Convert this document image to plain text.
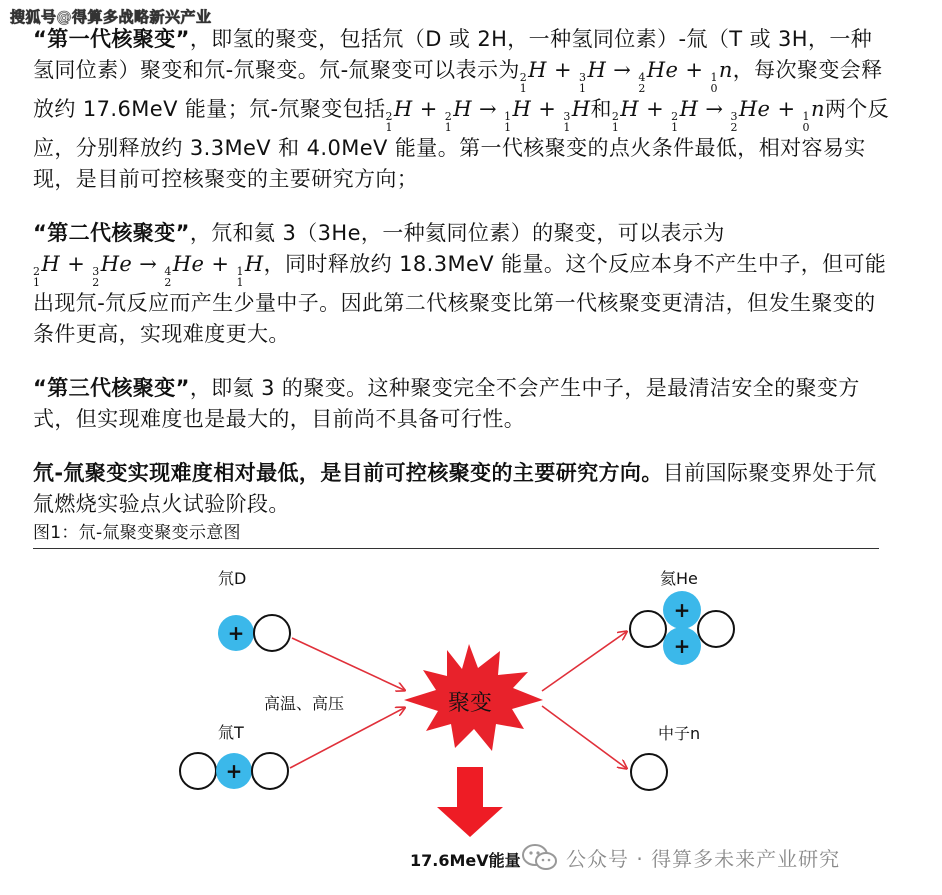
搜狐号@得算多战略新兴产业

“第一代核聚变”，即氢的聚变，包括氘（D 或 2H，一种氢同位素）-氚（T 或 3H，一种氢同位素）聚变和氘-氘聚变。氘-氚聚变可以表示为 2
1
H + 3
1
H → 4
2
He + 1
0
n，每次聚变会释放约 17.6MeV 能量；氘-氘聚变包括 2
1
H + 2
1
H → 1
1
H + 3
1
H和 2
1
H + 2
1
H → 3
2
He + 1
0
n两个反应，分别释放约 3.3MeV 和 4.0MeV 能量。第一代核聚变的点火条件最低，相对容易实现，是目前可控核聚变的主要研究方向；

“第二代核聚变”，氘和氦 3（3He，一种氦同位素）的聚变，可以表示为
2
1
H + 3
2
He → 4
2
He + 1
1
H，同时释放约 18.3MeV 能量。这个反应本身不产生中子，但可能出现氘-氘反应而产生少量中子。因此第二代核聚变比第一代核聚变更清洁，但发生聚变的条件更高，实现难度更大。

“第三代核聚变”，即氦 3 的聚变。这种聚变完全不会产生中子，是最清洁安全的聚变方式，但实现难度也是最大的，目前尚不具备可行性。

氘-氚聚变实现难度相对最低，是目前可控核聚变的主要研究方向。目前国际聚变界处于氘氚燃烧实验点火试验阶段。

图1：氘-氚聚变聚变示意图
氘D
+
高温、高压
氚T
+
聚变
17.6MeV能量
氦He
+
+
中子n
公众号 · 得算多未来产业研究
